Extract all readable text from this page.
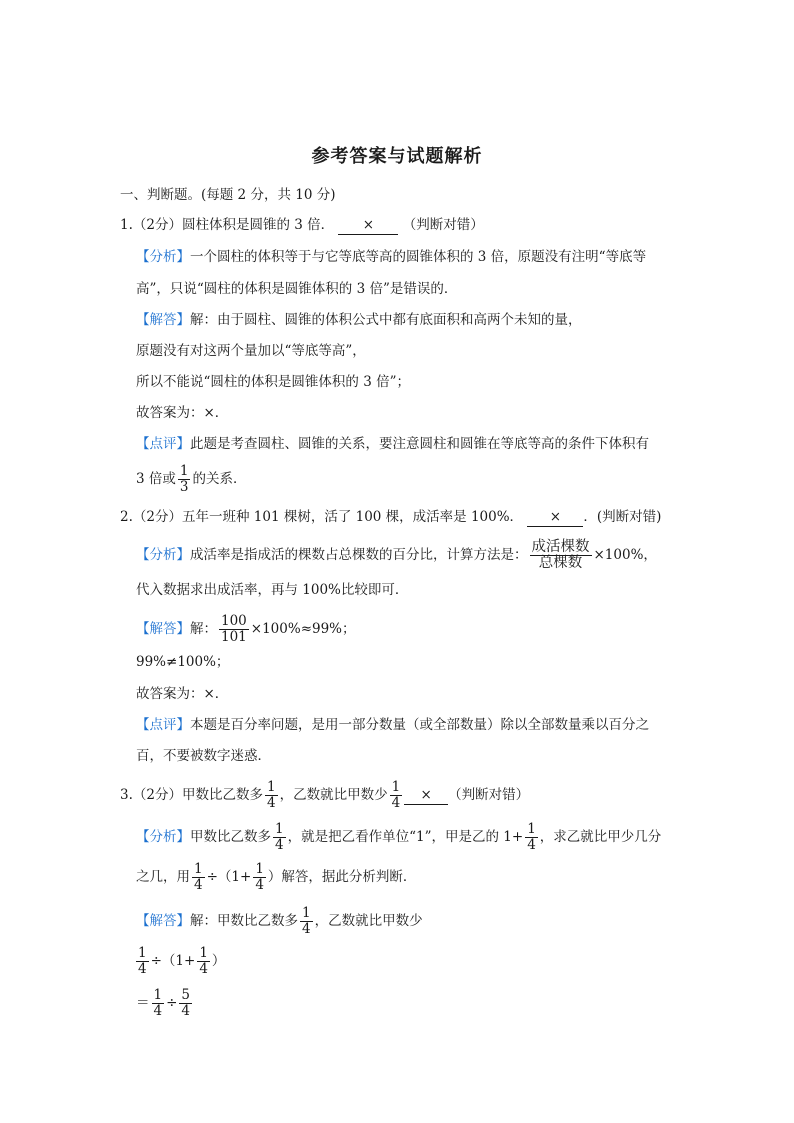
参考答案与试题解析
一、判断题。(每题 2 分，共 10 分)
1.（2分）圆柱体积是圆锥的 3 倍． × （判断对错）
【分析】一个圆柱的体积等于与它等底等高的圆锥体积的 3 倍，原题没有注明“等底等
高”，只说“圆柱的体积是圆锥体积的 3 倍”是错误的．
【解答】解：由于圆柱、圆锥的体积公式中都有底面积和高两个未知的量，
原题没有对这两个量加以“等底等高”，
所以不能说“圆柱的体积是圆锥体积的 3 倍”；
故答案为：×．
【点评】此题是考查圆柱、圆锥的关系，要注意圆柱和圆锥在等底等高的条件下体积有
3 倍或 $\frac{1}{3}$ 的关系．
2.（2分）五年一班种 101 棵树，活了 100 棵，成活率是 100%． × ．(判断对错)
【分析】成活率是指成活的棵数占总棵数的百分比，计算方法是： $\frac{\text{成活棵数}}{\text{总棵数}} \times 100\%$，
代入数据求出成活率，再与 100%比较即可．
【解答】解： $\frac{100}{101} \times 100\%\approx 99\%$；
99%≠100%；
故答案为：×．
【点评】本题是百分率问题，是用一部分数量（或全部数量）除以全部数量乘以百分之
百，不要被数字迷惑．
3.（2分）甲数比乙数多 $\frac{1}{4}$ ，乙数就比甲数少 $\frac{1}{4}$ × （判断对错）
【分析】甲数比乙数多 $\frac{1}{4}$ ，就是把乙看作单位“1”，甲是乙的 $1+ \frac{1}{4}$ ，求乙就比甲少几分
之几，用 $\frac{1}{4} \div(1+ \frac{1}{4}$ ）解答，据此分析判断．
【解答】解：甲数比乙数多 $\frac{1}{4}$ ，乙数就比甲数少
$\frac{1}{4} \div(1+ \frac{1}{4}$ ）
＝ $\frac{1}{4} \div \frac{5}{4}$
